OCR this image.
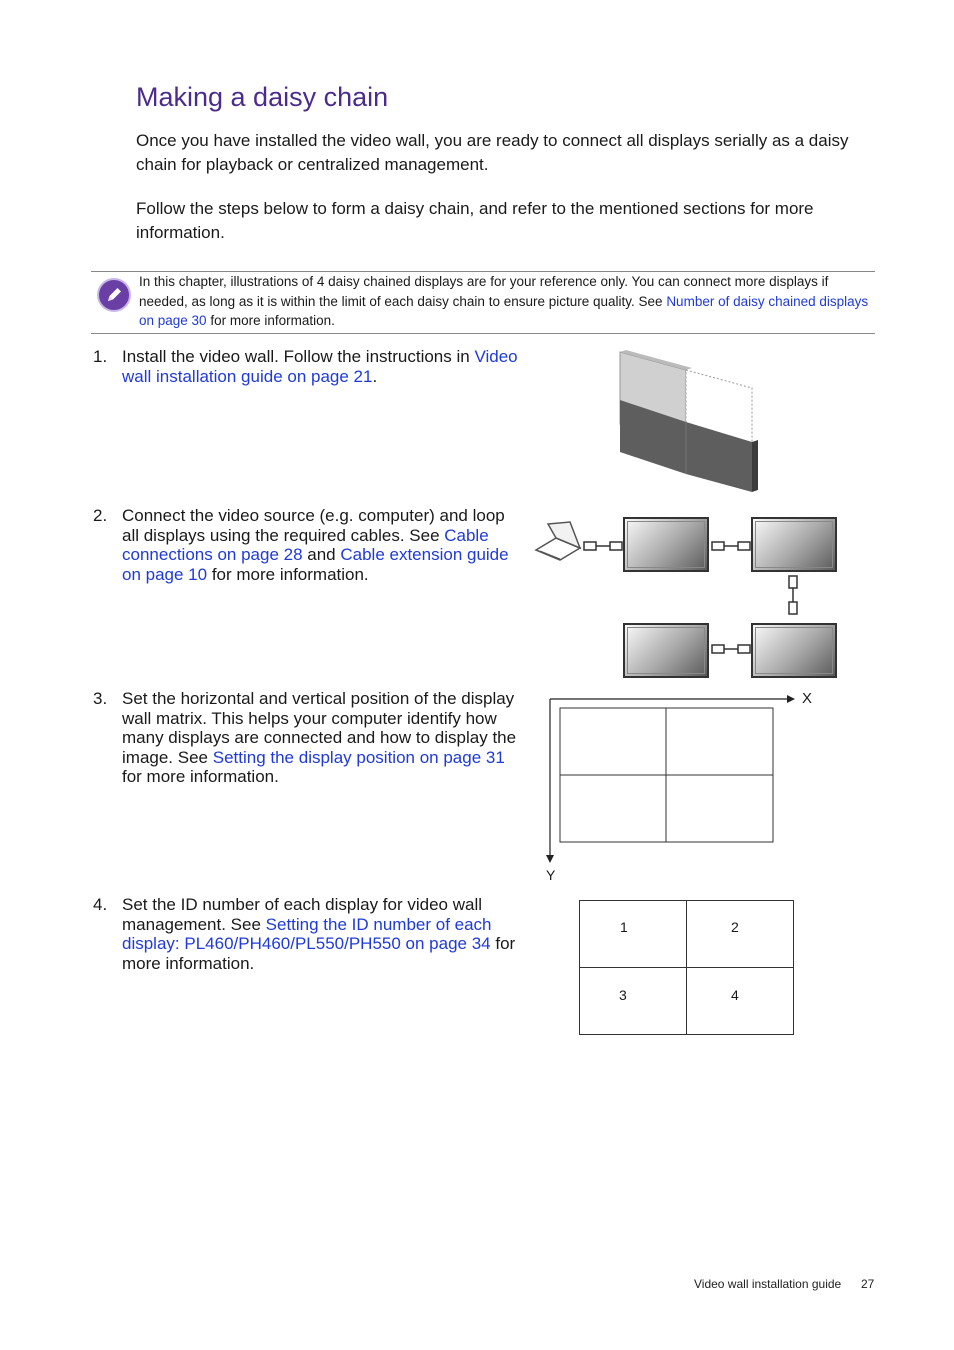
Making a daisy chain

Once you have installed the video wall, you are ready to connect all displays serially as a daisy chain for playback or centralized management.

Follow the steps below to form a daisy chain, and refer to the mentioned sections for more information.

In this chapter, illustrations of 4 daisy chained displays are for your reference only. You can connect more displays if needed, as long as it is within the limit of each daisy chain to ensure picture quality. See Number of daisy chained displays on page 30 for more information.
1. Install the video wall. Follow the instructions in Video wall installation guide on page 21.
2. Connect the video source (e.g. computer) and loop all displays using the required cables. See Cable connections on page 28 and Cable extension guide on page 10 for more information.
3. Set the horizontal and vertical position of the display wall matrix. This helps your computer identify how many displays are connected and how to display the image. See Setting the display position on page 31 for more information.
X
Y
4. Set the ID number of each display for video wall management. See Setting the ID number of each display: PL460/PH460/PL550/PH550 on page 34 for more information.
1	2
3	4
Video wall installation guide 27
